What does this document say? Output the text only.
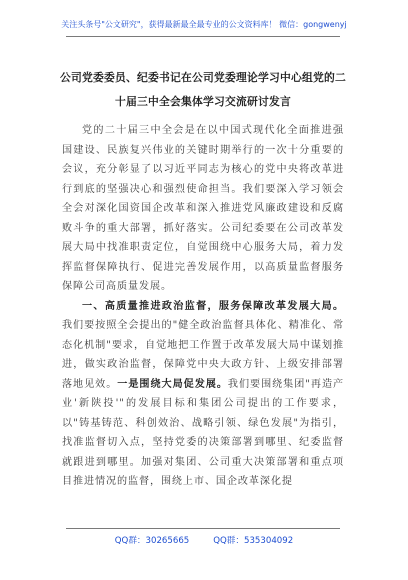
关注头条号"公文研究"，获得最新最全最专业的公文资料库！ 微信：gongwenyj
公司党委委员、纪委书记在公司党委理论学习中心组党的二十届三中全会集体学习交流研讨发言

党的二十届三中全会是在以中国式现代化全面推进强国建设、民族复兴伟业的关键时期举行的一次十分重要的会议，充分彰显了以习近平同志为核心的党中央将改革进行到底的坚强决心和强烈使命担当。我们要深入学习领会全会对深化国资国企改革和深入推进党风廉政建设和反腐败斗争的重大部署，抓好落实。公司纪委要在公司改革发展大局中找准职责定位，自觉围绕中心服务大局，着力发挥监督保障执行、促进完善发展作用，以高质量监督服务保障公司高质量发展。

一、高质量推进政治监督，服务保障改革发展大局。我们要按照全会提出的"健全政治监督具体化、精准化、常态化机制"要求，自觉地把工作置于改革发展大局中谋划推进，做实政治监督，保障党中央大政方针、上级安排部署落地见效。一是围绕大局促发展。我们要围绕集团"再造产业'新陕投'"的发展目标和集团公司提出的工作要求，以"铸基铸范、科创效治、战略引领、绿色发展"为指引，找准监督切入点，坚持党委的决策部署到哪里、纪委监督就跟进到哪里。加强对集团、公司重大决策部署和重点项目推进情况的监督，围绕上市、国企改革深化提

QQ群：30265665	QQ群：535304092
